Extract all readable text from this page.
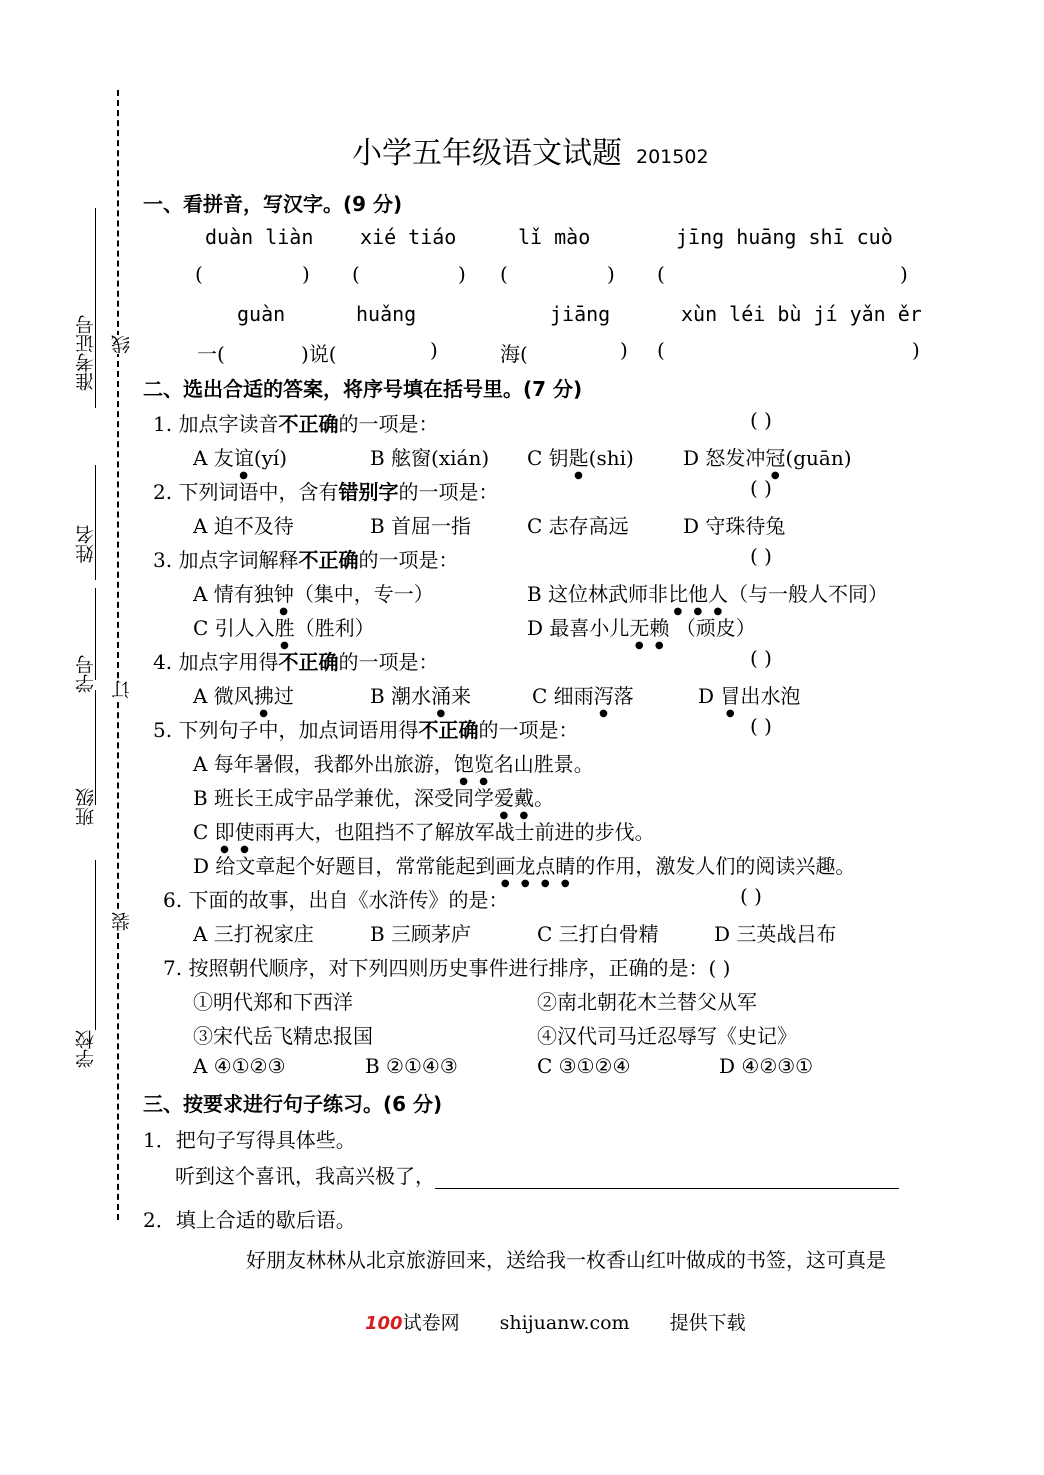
准考证号
姓名
学号
班级
学校
线
订
装
小学五年级语文试题 201502
一、看拼音，写汉字。(9 分)
duàn liàn xié tiáo	lǐ mào	jīng huāng shī cuò
(	) (	) (	) (	)
guàn	huǎng	jiāng	xùn léi bù jí yǎn ěr
一(	)说(	)	海(	) (	)
二、选出合适的答案，将序号填在括号里。(7 分)
1. 加点字读音不正确的一项是：	( )
A 友谊(yí)	B 舷窗(xián) C 钥匙(shi) D 怒发冲冠(guān)
2. 下列词语中，含有错别字的一项是：	( )
A 迫不及待	B 首屈一指	C 志存高远	D 守珠待兔
3. 加点字词解释不正确的一项是：	( )
A 情有独钟（集中，专一）	B 这位林武师非比他人（与一般人不同）
C 引人入胜（胜利）	D 最喜小儿无赖 （顽皮）
4. 加点字用得不正确的一项是：	( )
A 微风拂过	B 潮水涌来	C 细雨泻落	D 冒出水泡
5. 下列句子中，加点词语用得不正确的一项是：	( )
A 每年暑假，我都外出旅游，饱览名山胜景。
B 班长王成宇品学兼优，深受同学爱戴。
C 即使雨再大，也阻挡不了解放军战士前进的步伐。
D 给文章起个好题目，常常能起到画龙点睛的作用，激发人们的阅读兴趣。
6. 下面的故事，出自《水浒传》的是：	( )
A 三打祝家庄	B 三顾茅庐	C 三打白骨精	D 三英战吕布
7. 按照朝代顺序，对下列四则历史事件进行排序，正确的是：( )
①明代郑和下西洋	②南北朝花木兰替父从军
③宋代岳飞精忠报国	④汉代司马迁忍辱写《史记》
A ④①②③	B ②①④③	C ③①②④	D ④②③①
三、按要求进行句子练习。(6 分)
1．把句子写得具体些。
听到这个喜讯，我高兴极了，
2．填上合适的歇后语。
好朋友林林从北京旅游回来，送给我一枚香山红叶做成的书签，这可真是
100试卷网 shijuanw.com 提供下载
